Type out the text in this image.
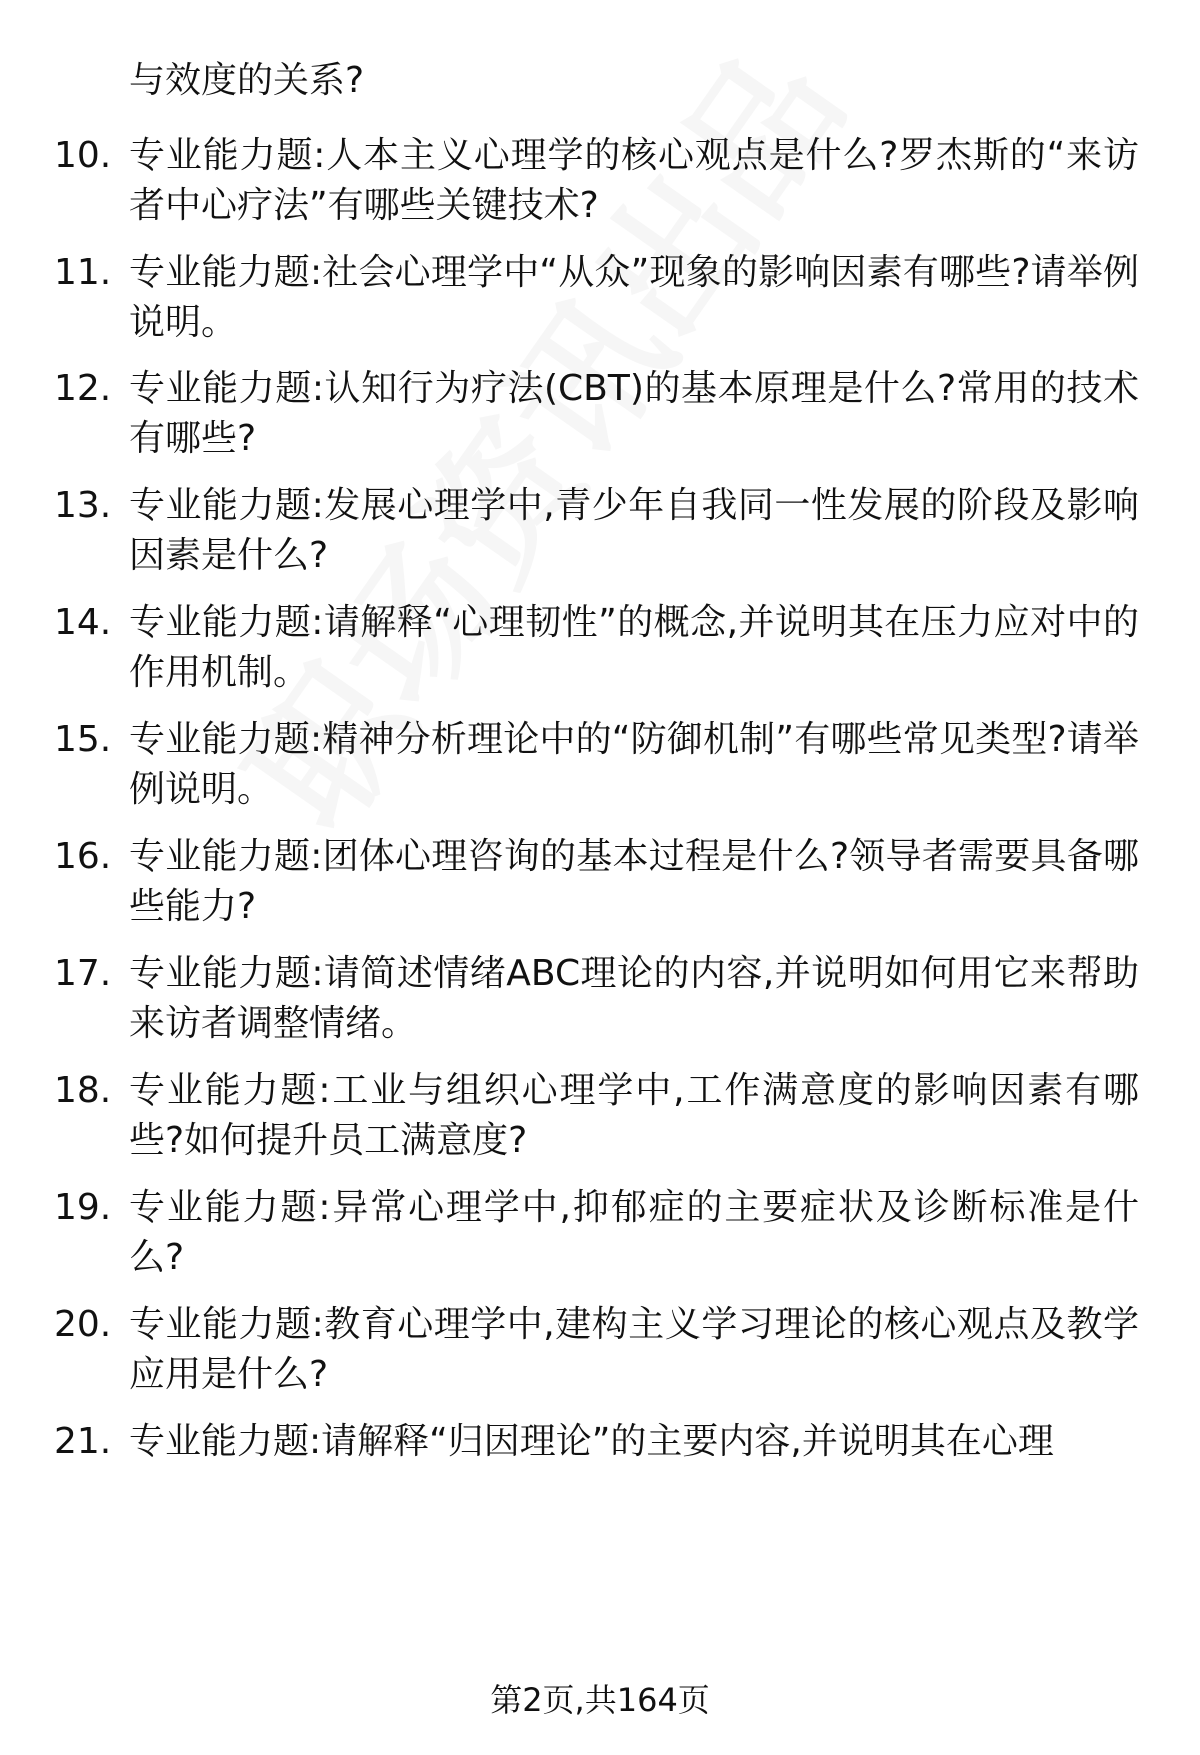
与效度的关系?
10. 专业能力题:人本主义心理学的核心观点是什么?罗杰斯的“来访者中心疗法”有哪些关键技术?
11. 专业能力题:社会心理学中“从众”现象的影响因素有哪些?请举例说明。
12. 专业能力题:认知行为疗法(CBT)的基本原理是什么?常用的技术有哪些?
13. 专业能力题:发展心理学中,青少年自我同一性发展的阶段及影响因素是什么?
14. 专业能力题:请解释“心理韧性”的概念,并说明其在压力应对中的作用机制。
15. 专业能力题:精神分析理论中的“防御机制”有哪些常见类型?请举例说明。
16. 专业能力题:团体心理咨询的基本过程是什么?领导者需要具备哪些能力?
17. 专业能力题:请简述情绪ABC理论的内容,并说明如何用它来帮助来访者调整情绪。
18. 专业能力题:工业与组织心理学中,工作满意度的影响因素有哪些?如何提升员工满意度?
19. 专业能力题:异常心理学中,抑郁症的主要症状及诊断标准是什么?
20. 专业能力题:教育心理学中,建构主义学习理论的核心观点及教学应用是什么?
21. 专业能力题:请解释“归因理论”的主要内容,并说明其在心理
第2页,共164页
